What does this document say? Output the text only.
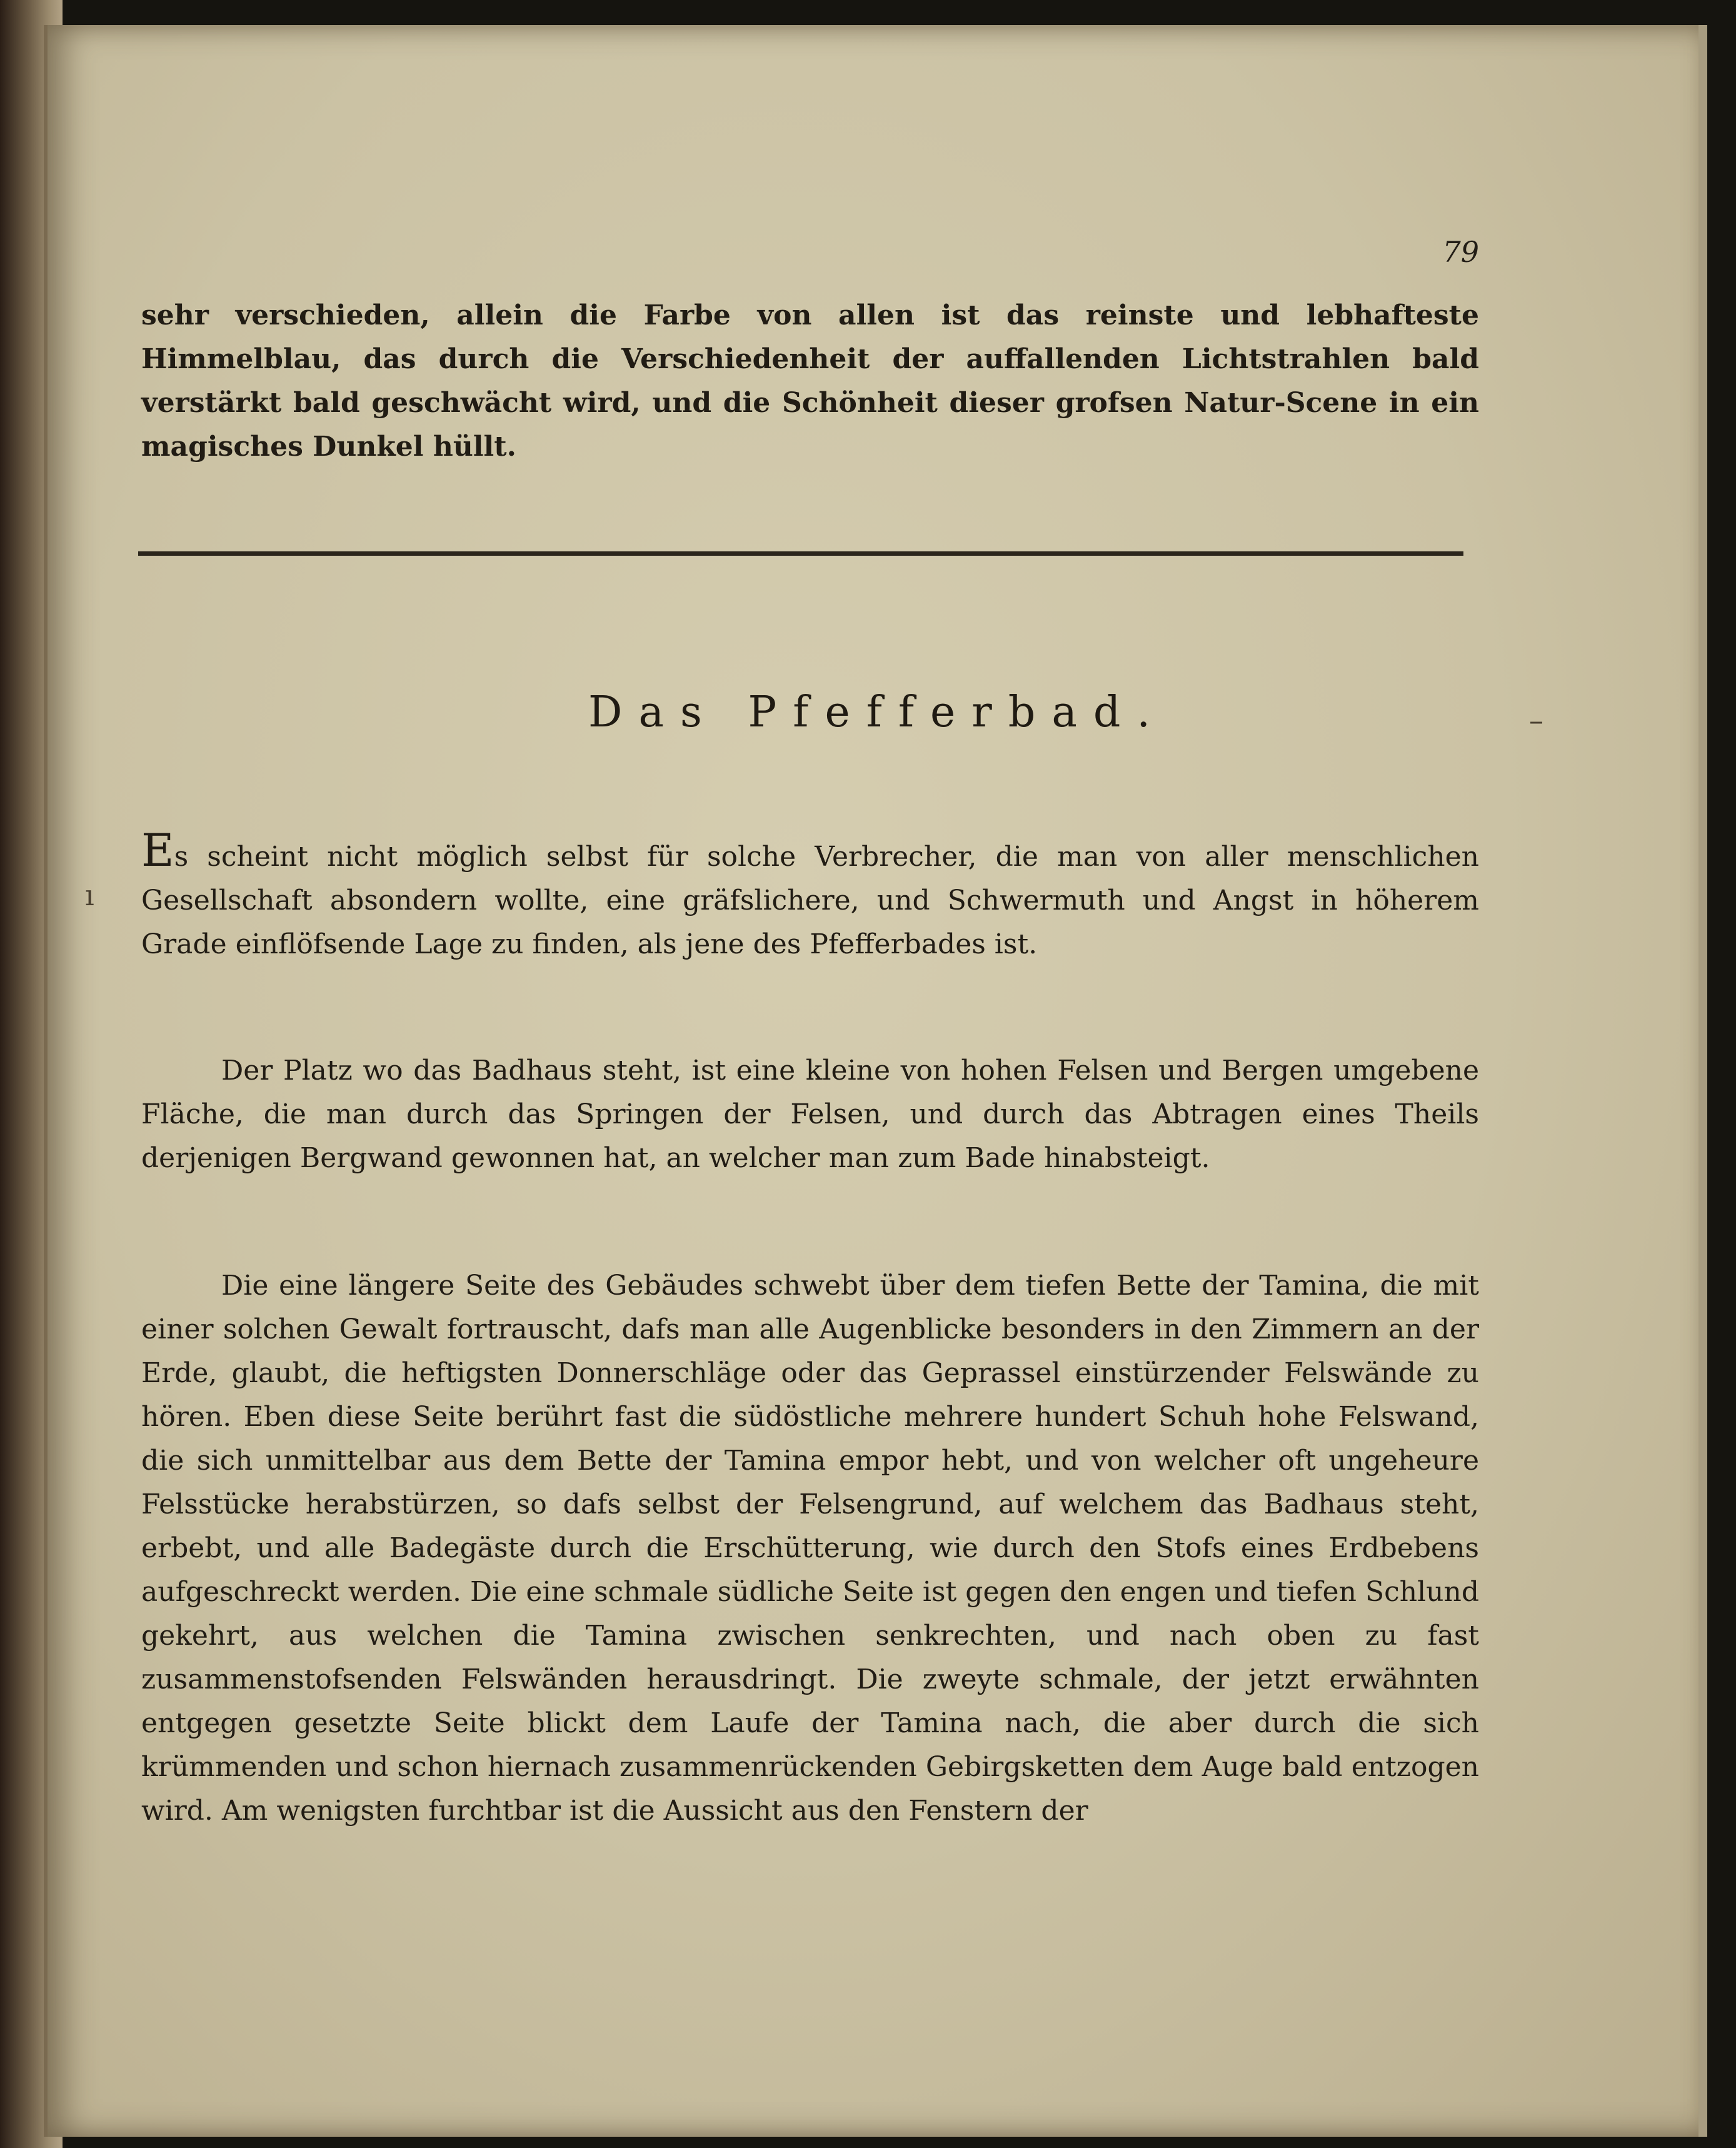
79

sehr verschieden, allein die Farbe von allen ist das reinste und lebhafteste Himmelblau, das durch die Verschiedenheit der auffallenden Lichtstrahlen bald verstärkt bald geschwächt wird, und die Schönheit dieser grofsen Natur-Scene in ein magisches Dunkel hüllt.

Das Pfefferbad.

Es scheint nicht möglich selbst für solche Verbrecher, die man von aller menschlichen Gesellschaft absondern wollte, eine gräfslichere, und Schwermuth und Angst in höherem Grade einflöfsende Lage zu finden, als jene des Pfefferbades ist.

Der Platz wo das Badhaus steht, ist eine kleine von hohen Felsen und Bergen umgebene Fläche, die man durch das Springen der Felsen, und durch das Abtragen eines Theils derjenigen Bergwand gewonnen hat, an welcher man zum Bade hinabsteigt.

Die eine längere Seite des Gebäudes schwebt über dem tiefen Bette der Tamina, die mit einer solchen Gewalt fortrauscht, dafs man alle Augenblicke besonders in den Zimmern an der Erde, glaubt, die heftigsten Donnerschläge oder das Geprassel einstürzender Felswände zu hören. Eben diese Seite berührt fast die südöstliche mehrere hundert Schuh hohe Felswand, die sich unmittelbar aus dem Bette der Tamina empor hebt, und von welcher oft ungeheure Felsstücke herabstürzen, so dafs selbst der Felsengrund, auf welchem das Badhaus steht, erbebt, und alle Badegäste durch die Erschütterung, wie durch den Stofs eines Erdbebens aufgeschreckt werden. Die eine schmale südliche Seite ist gegen den engen und tiefen Schlund gekehrt, aus welchen die Tamina zwischen senkrechten, und nach oben zu fast zusammenstofsenden Felswänden herausdringt. Die zweyte schmale, der jetzt erwähnten entgegen gesetzte Seite blickt dem Laufe der Tamina nach, die aber durch die sich krümmenden und schon hiernach zusammenrückenden Gebirgsketten dem Auge bald entzogen wird. Am wenigsten furchtbar ist die Aussicht aus den Fenstern der

–
ı
